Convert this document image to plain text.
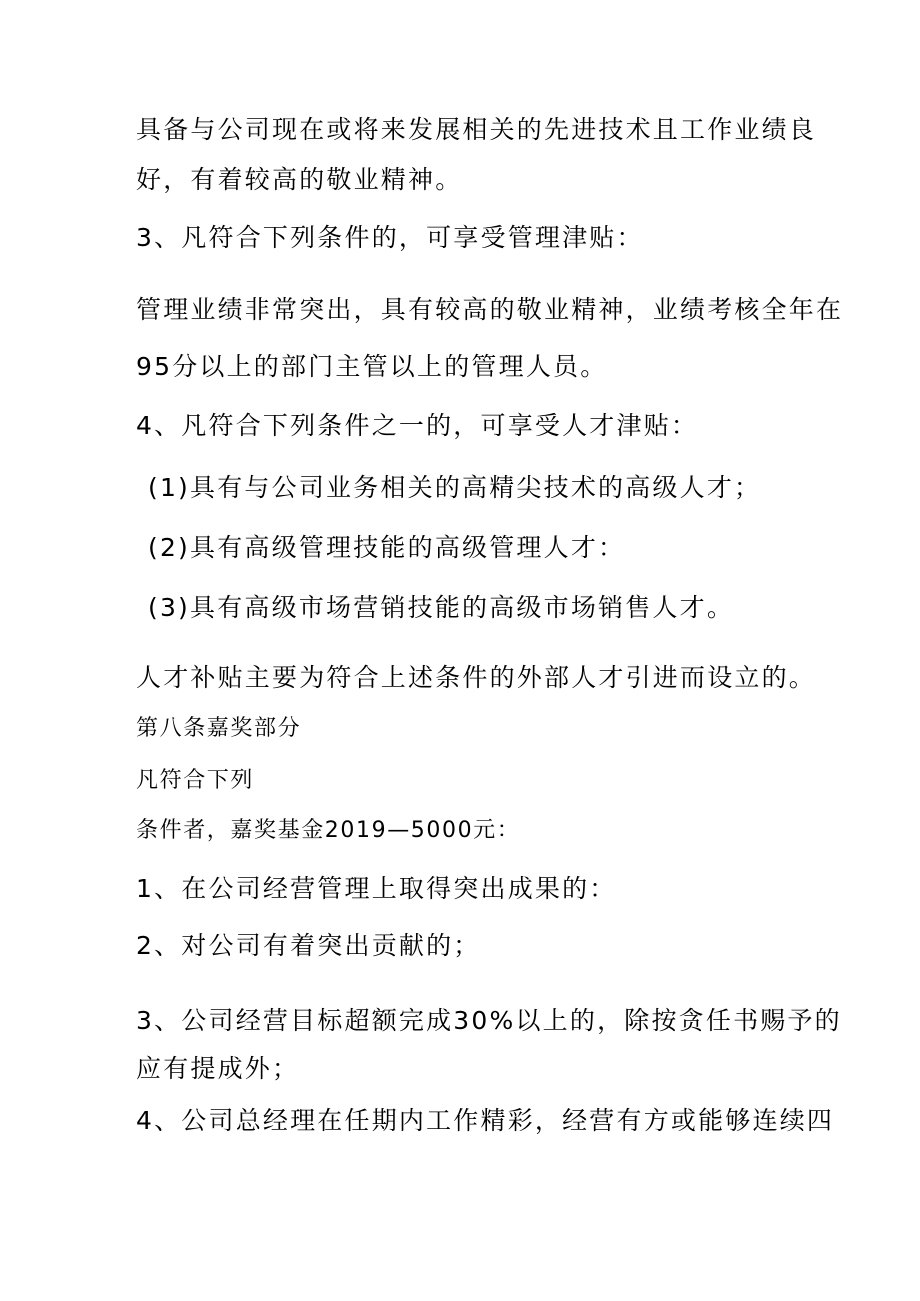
具备与公司现在或将来发展相关的先进技术且工作业绩良
好，有着较高的敬业精神。
3、凡符合下列条件的，可享受管理津贴：
管理业绩非常突出，具有较高的敬业精神，业绩考核全年在
95分以上的部门主管以上的管理人员。
4、凡符合下列条件之一的，可享受人才津贴：
(1)具有与公司业务相关的高精尖技术的高级人才；
(2)具有高级管理技能的高级管理人才：
(3)具有高级市场营销技能的高级市场销售人才。
人才补贴主要为符合上述条件的外部人才引进而设立的。
第八条嘉奖部分
凡符合下列
条件者，嘉奖基金2019—5000元：
1、在公司经营管理上取得突出成果的：
2、对公司有着突出贡献的；
3、公司经营目标超额完成30%以上的，除按贪任书赐予的
应有提成外；
4、公司总经理在任期内工作精彩，经营有方或能够连续四
